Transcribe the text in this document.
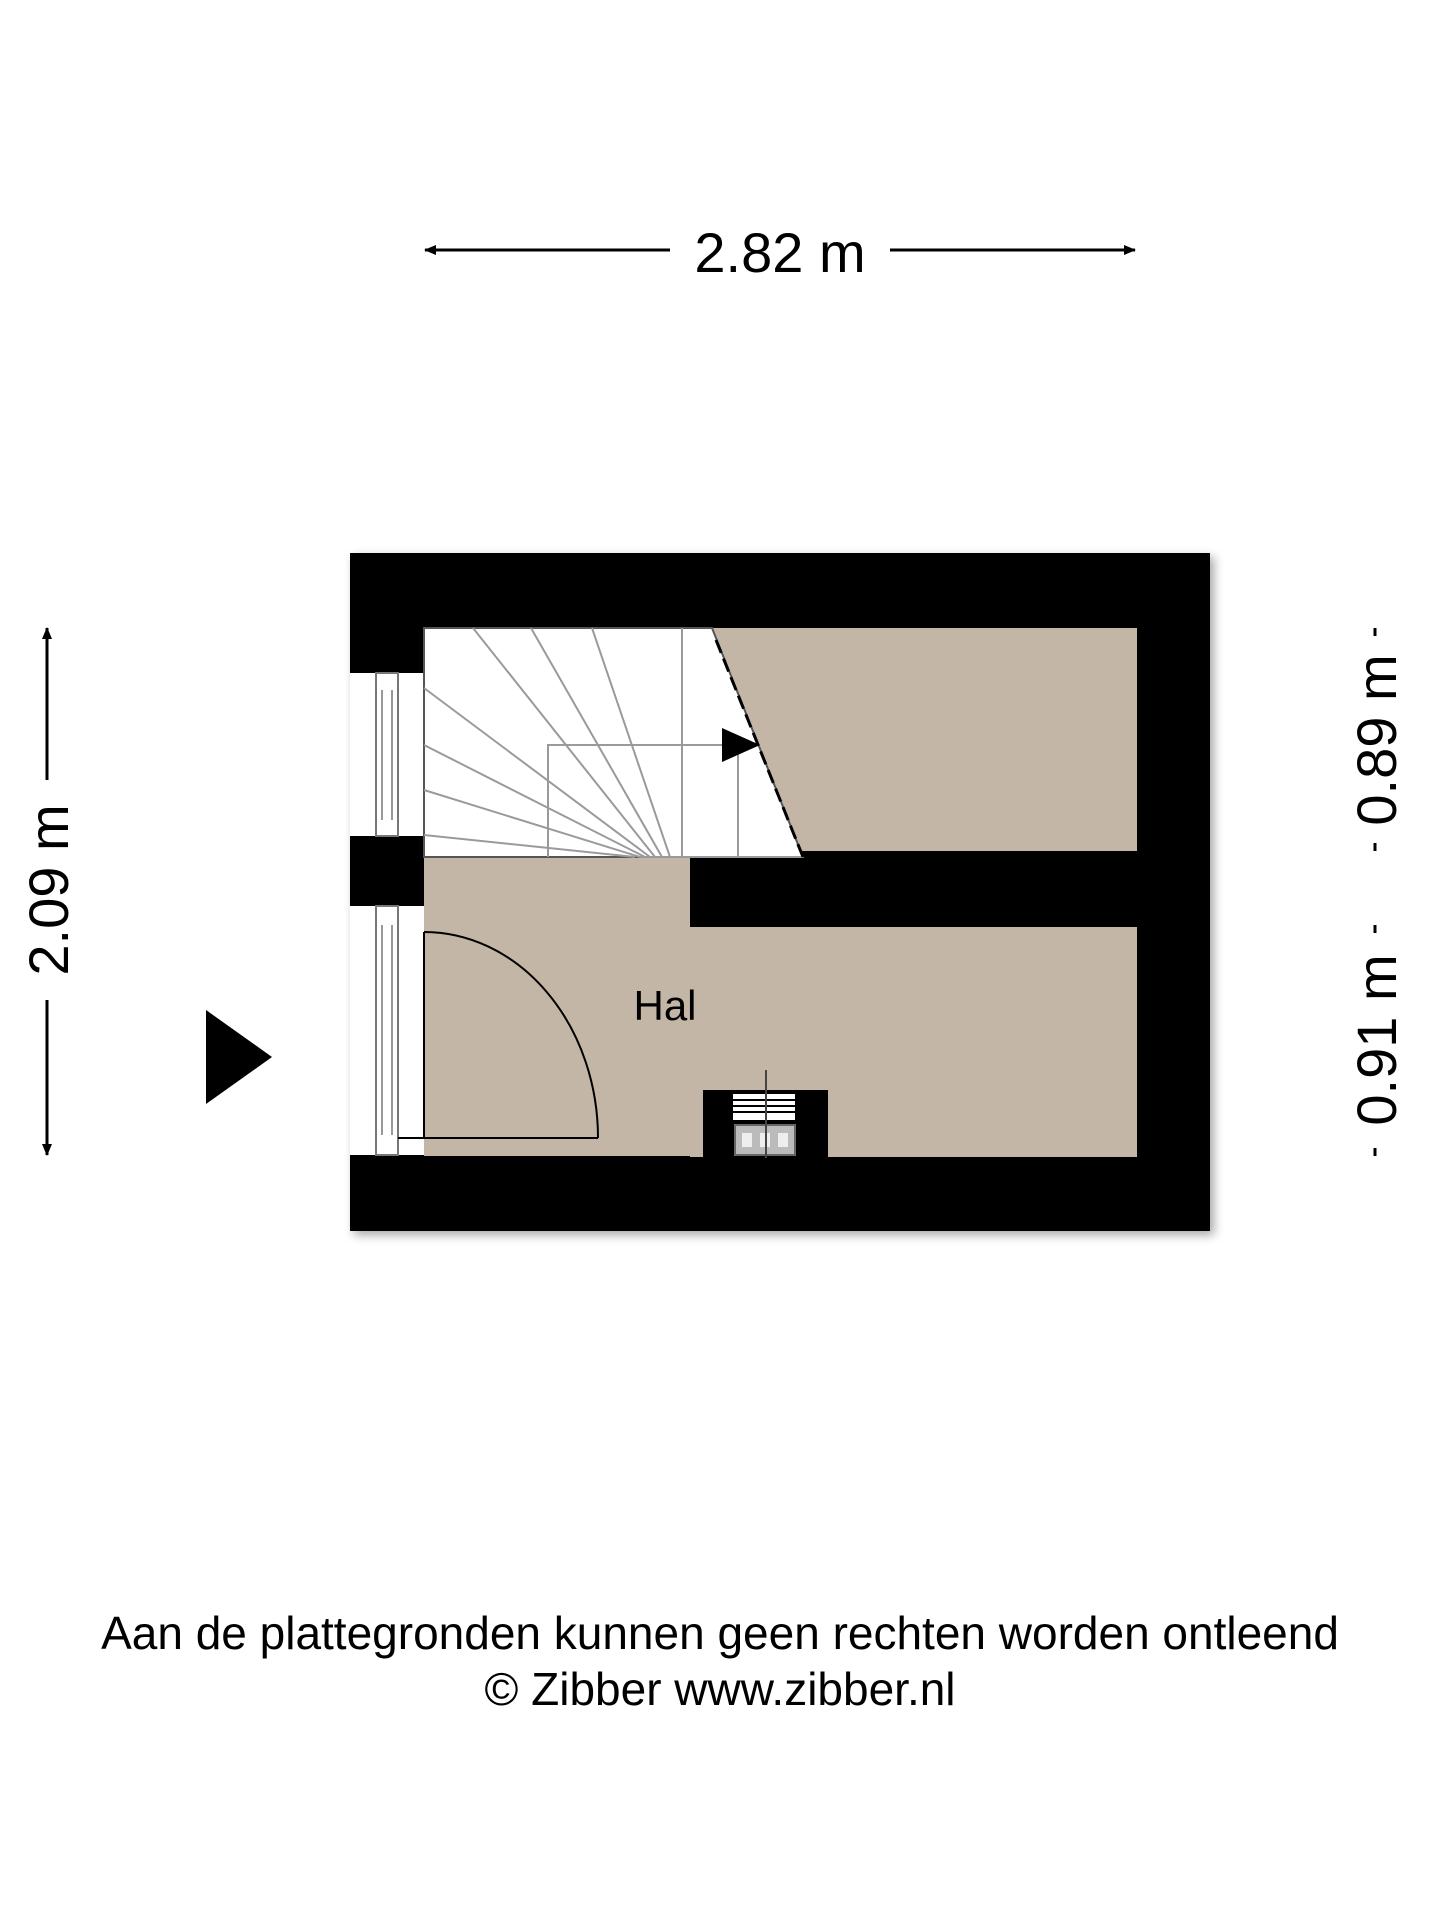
2.82 m
2.09 m
0.89 m
0.91 m
Hal
Aan de plattegronden kunnen geen rechten worden ontleend
© Zibber www.zibber.nl
